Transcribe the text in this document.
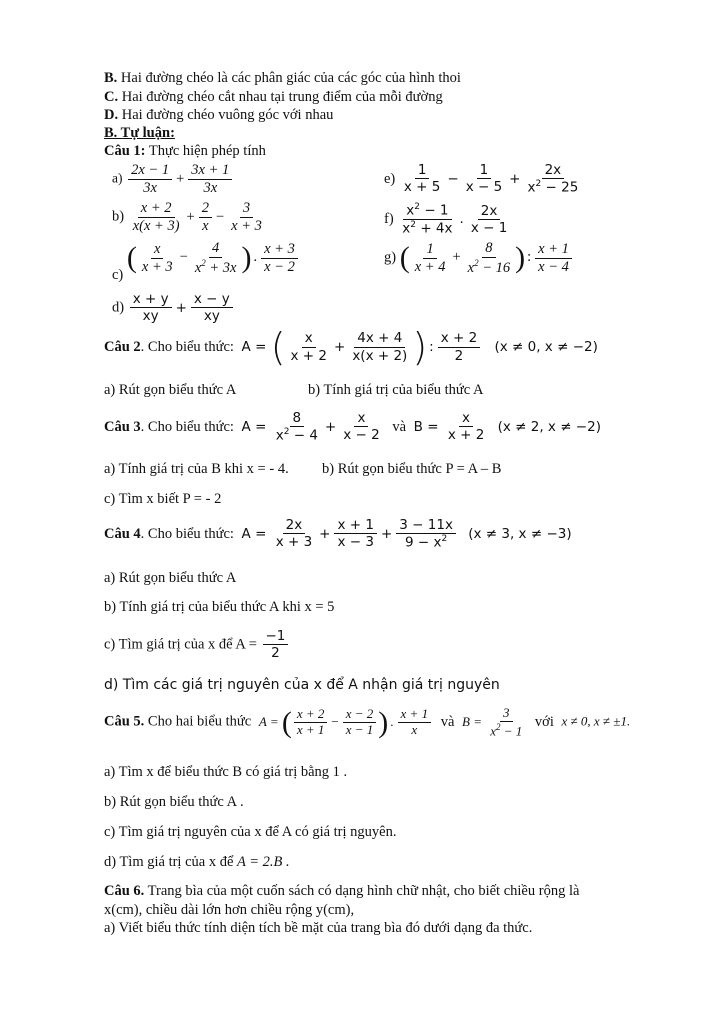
B. Hai đường chéo là các phân giác của các góc của hình thoi
C. Hai đường chéo cắt nhau tại trung điểm của mỗi đường
D. Hai đường chéo vuông góc với nhau
B. Tự luận:
Câu 1: Thực hiện phép tính
$a) \frac{2x - 1}{3x} + \frac{3x + 1}{3x}$
$b) \frac{x + 2}{x(x + 3)} + \frac{2}{x} - \frac{3}{x + 3}$
c) ( $\frac{x}{x + 3} - \frac{4}{x^2 + 3x}$ ) . $\frac{x + 3}{x - 2}$
$d) \frac{x + y}{xy} + \frac{x - y}{xy}$
$e) \frac{1}{x + 5} - \frac{1}{x - 5} + \frac{2x}{x^2 - 25}$
$f) \frac{x^2 - 1}{x^2 + 4x}$ . $\frac{2x}{x - 1}$
g) ( $\frac{1}{x + 4} + \frac{8}{x^2 - 16}$ ) : $\frac{x + 1}{x - 4}$
Câu 2. Cho biểu thức: A = ( $\frac{x}{x + 2} + \frac{4x + 4}{x(x + 2)}$ ) : $\frac{x + 2}{2} (x \ne 0$, x ≠ −2)
a) Rút gọn biểu thức A	b) Tính giá trị của biểu thức A
Câu 3. Cho biểu thức: $A = \frac{8}{x^2 - 4} + \frac{x}{x - 2}$ và $B = \frac{x}{x + 2} (x \ne 2$, x ≠ −2)
a) Tính giá trị của B khi x = - 4. b) Rút gọn biểu thức P = A – B
c) Tìm x biết P = - 2
Câu 4. Cho biểu thức: $A = \frac{2x}{x + 3} + \frac{x + 1}{x - 3} + \frac{3 - 11x}{9 - x^2} (x \ne 3$, x ≠ −3)
a) Rút gọn biểu thức A
b) Tính giá trị của biểu thức A khi x = 5
c) Tìm giá trị của x để $A = \frac{-1}{2}$
d) Tìm các giá trị nguyên của x để A nhận giá trị nguyên
Câu 5. Cho hai biểu thức A = ( $\frac{x + 2}{x + 1} - \frac{x - 2}{x - 1}$ ) . $\frac{x + 1}{x}$ và $B = \frac{3}{x^2 - 1}$ với x ≠ 0, x ≠ ±1.
a) Tìm x để biểu thức B có giá trị bằng 1 .
b) Rút gọn biểu thức A .
c) Tìm giá trị nguyên của x để A có giá trị nguyên.
d) Tìm giá trị của x để A = 2.B .
Câu 6. Trang bìa của một cuốn sách có dạng hình chữ nhật, cho biết chiều rộng là
x(cm), chiều dài lớn hơn chiều rộng y(cm),
a) Viết biểu thức tính diện tích bề mặt của trang bìa đó dưới dạng đa thức.
